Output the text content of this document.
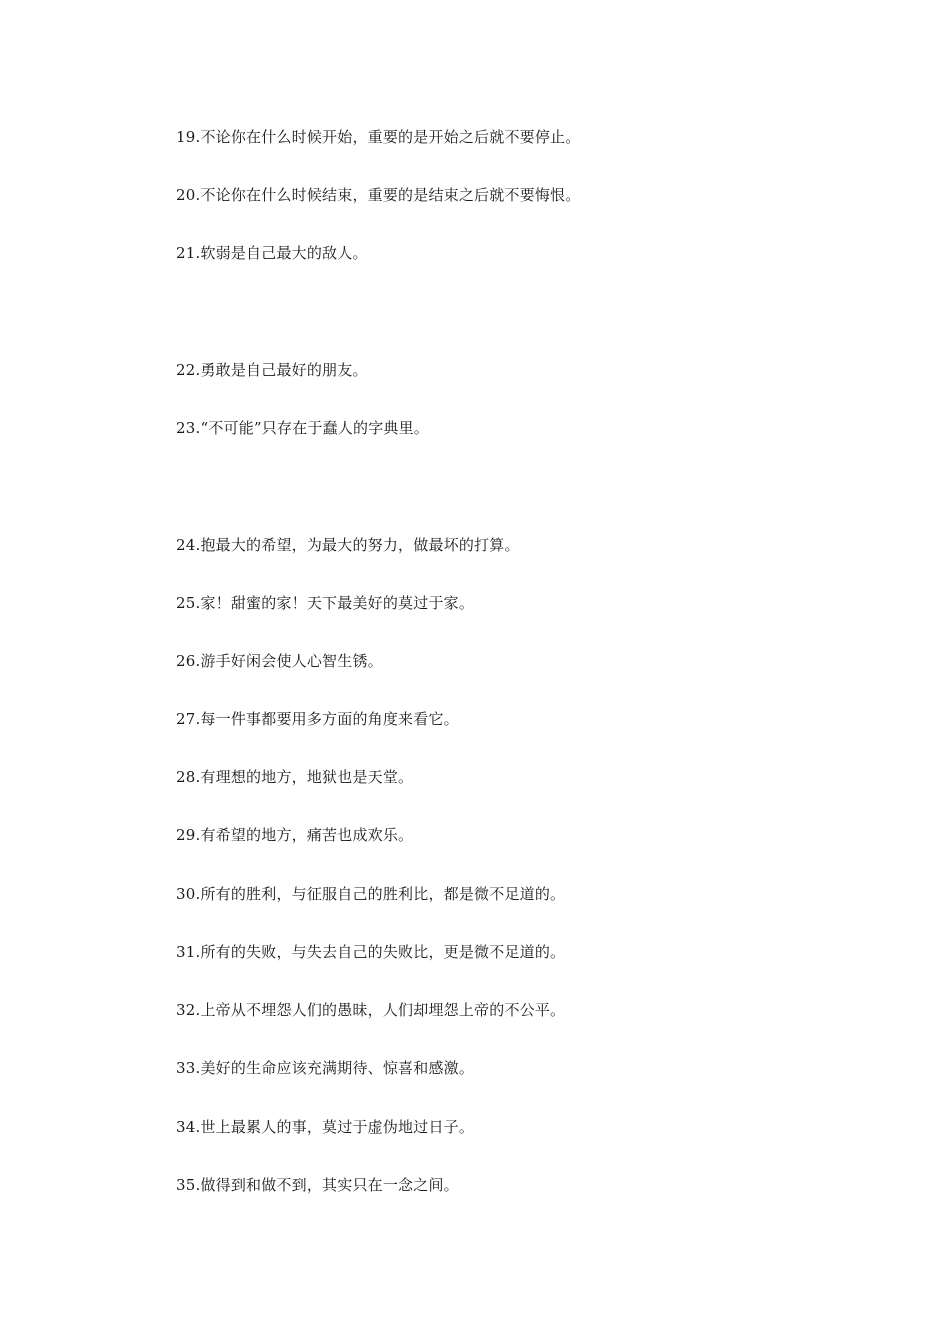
19.不论你在什么时候开始，重要的是开始之后就不要停止。
20.不论你在什么时候结束，重要的是结束之后就不要悔恨。
21.软弱是自己最大的敌人。
22.勇敢是自己最好的朋友。
23.“不可能”只存在于蠢人的字典里。
24.抱最大的希望，为最大的努力，做最坏的打算。
25.家！甜蜜的家！天下最美好的莫过于家。
26.游手好闲会使人心智生锈。
27.每一件事都要用多方面的角度来看它。
28.有理想的地方，地狱也是天堂。
29.有希望的地方，痛苦也成欢乐。
30.所有的胜利，与征服自己的胜利比，都是微不足道的。
31.所有的失败，与失去自己的失败比，更是微不足道的。
32.上帝从不埋怨人们的愚昧，人们却埋怨上帝的不公平。
33.美好的生命应该充满期待、惊喜和感激。
34.世上最累人的事，莫过于虚伪地过日子。
35.做得到和做不到，其实只在一念之间。
